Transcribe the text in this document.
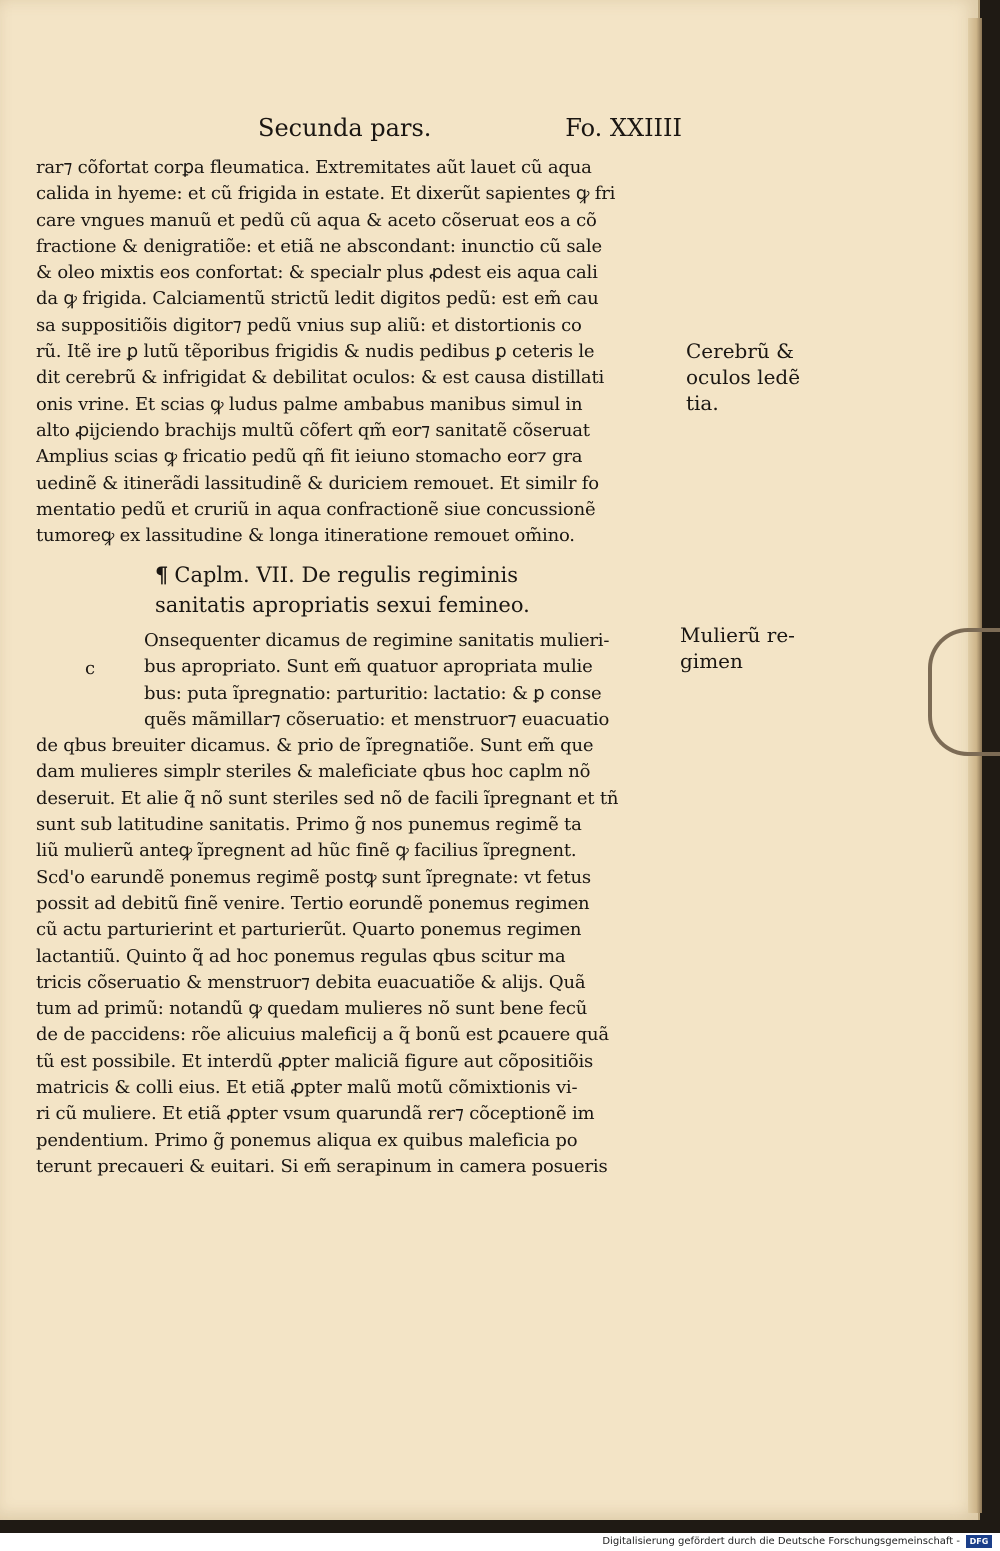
Secunda pars.	Fo. XXIIII
rar⁊ cõfortat corꝑa fleumatica. Extremitates aũt lauet cũ aqua
calida in hyeme: et cũ frigida in estate. Et dixerũt sapientes ꝙ fri
care vngues manuũ et pedũ cũ aqua & aceto cõseruat eos a cõ
fractione & denigratiõe: et etiã ne abscondant: inunctio cũ sale
& oleo mixtis eos confortat: & specialr plus ꝓdest eis aqua cali
da ꝙ frigida. Calciamentũ strictũ ledit digitos pedũ: est em̃ cau
sa suppositiõis digitor⁊ pedũ vnius sup aliũ: et distortionis co
rũ. Itẽ ire ꝑ lutũ tẽporibus frigidis & nudis pedibus ꝑ ceteris le
dit cerebrũ & infrigidat & debilitat oculos: & est causa distillati
onis vrine. Et scias ꝙ ludus palme ambabus manibus simul in
alto ꝓijciendo brachijs multũ cõfert qm̃ eor⁊ sanitatẽ cõseruat
Amplius scias ꝙ fricatio pedũ qñ fit ieiuno stomacho eor⁊ gra
uedinẽ & itinerãdi lassitudinẽ & duriciem remouet. Et similr fo
mentatio pedũ et cruriũ in aqua confractionẽ siue concussionẽ
tumoreꝙ ex lassitudine & longa itineratione remouet om̃ino.
¶ Caplm. VII. De regulis regiminis
sanitatis apropriatis sexui femineo.
c
Onsequenter dicamus de regimine sanitatis mulieri-
bus apropriato. Sunt em̃ quatuor apropriata mulie
bus: puta ĩpregnatio: parturitio: lactatio: & ꝑ conse
quẽs mãmillar⁊ cõseruatio: et menstruor⁊ euacuatio
de qbus breuiter dicamus. & prio de ĩpregnatiõe. Sunt em̃ que
dam mulieres simplr steriles & maleficiate qbus hoc caplm nõ
deseruit. Et alie q̃ nõ sunt steriles sed nõ de facili ĩpregnant et tñ
sunt sub latitudine sanitatis. Primo g̃ nos punemus regimẽ ta
liũ mulierũ anteꝙ ĩpregnent ad hũc finẽ ꝙ facilius ĩpregnent.
Scd'o earundẽ ponemus regimẽ postꝙ sunt ĩpregnate: vt fetus
possit ad debitũ finẽ venire. Tertio eorundẽ ponemus regimen
cũ actu parturierint et parturierũt. Quarto ponemus regimen
lactantiũ. Quinto q̃ ad hoc ponemus regulas qbus scitur ma
tricis cõseruatio & menstruor⁊ debita euacuatiõe & alijs. Quã
tum ad primũ: notandũ ꝙ quedam mulieres nõ sunt bene fecũ
de de paccidens: rõe alicuius maleficij a q̃ bonũ est ꝑcauere quã
tũ est possibile. Et interdũ ꝓpter maliciã figure aut cõpositiõis
matricis & colli eius. Et etiã ꝓpter malũ motũ cõmixtionis vi-
ri cũ muliere. Et etiã ꝓpter vsum quarundã rer⁊ cõceptionẽ im
pendentium. Primo g̃ ponemus aliqua ex quibus maleficia po
terunt precaueri & euitari. Si em̃ serapinum in camera posueris
Cerebrũ &
oculos ledẽ
tia.
Mulierũ re-
gimen
Digitalisierung gefördert durch die Deutsche Forschungsgemeinschaft -	DFG
